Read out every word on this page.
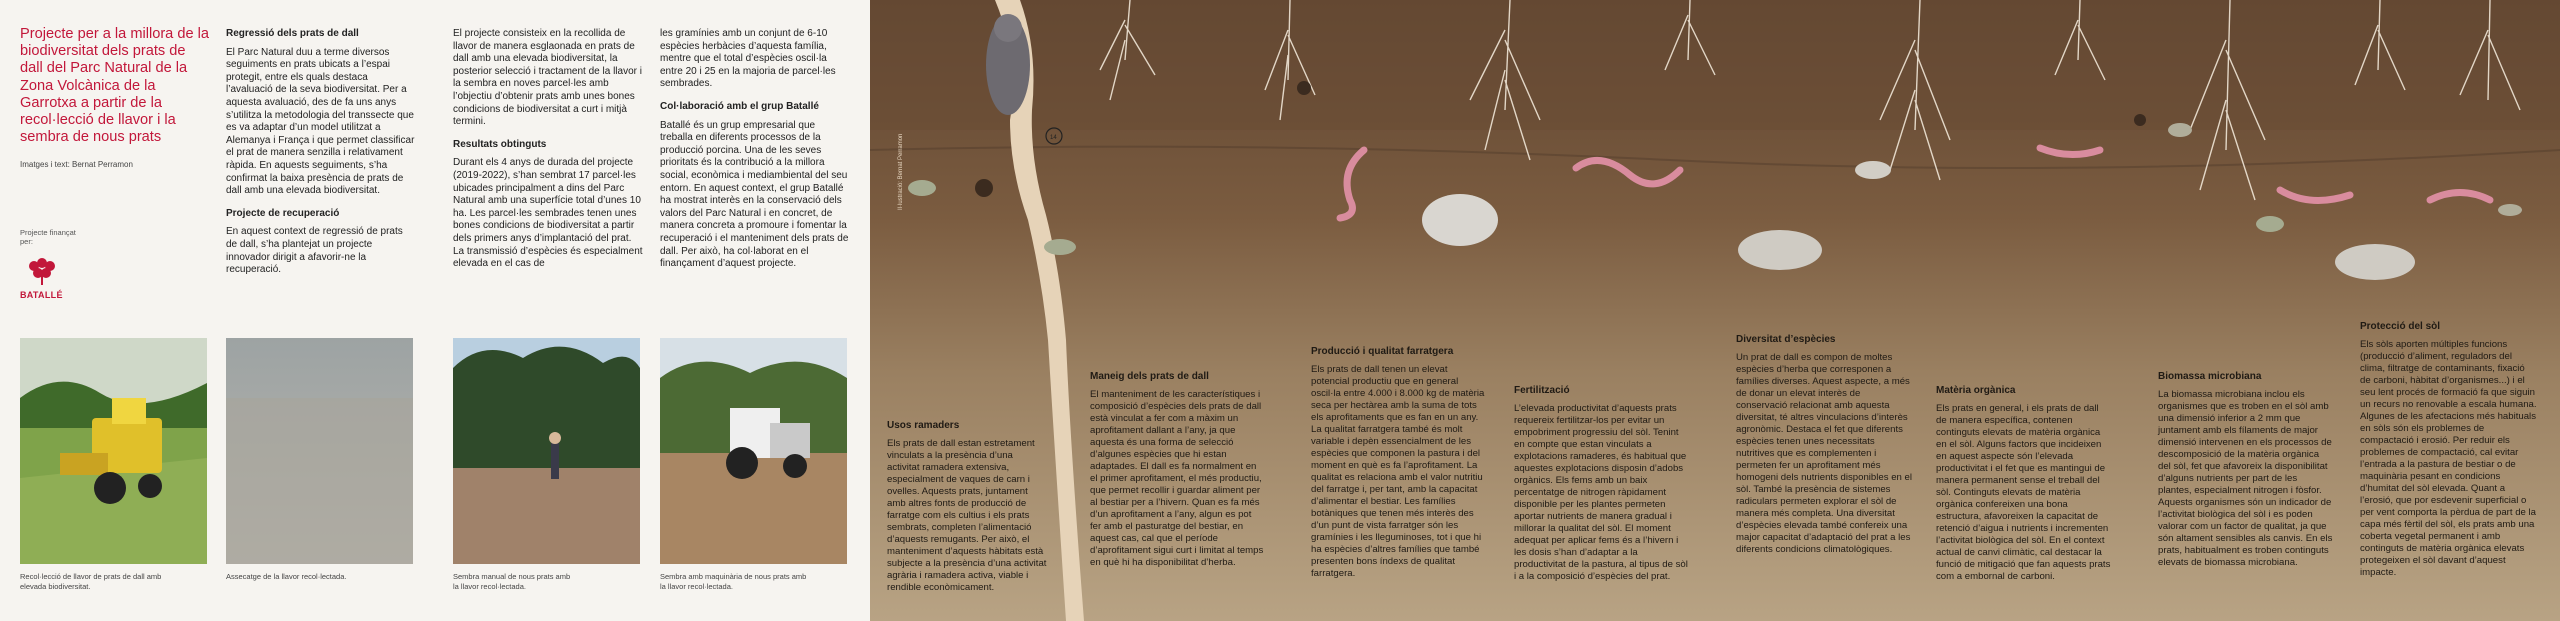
Projecte per a la millora de la biodiversitat dels prats de dall del Parc Natural de la Zona Volcànica de la Garrotxa a partir de la recol·lecció de llavor i la sembra de nous prats
Imatges i text: Bernat Perramon
Projecte finançat per:
BATALLÉ
Regressió dels prats de dall

El Parc Natural duu a terme diversos seguiments en prats ubicats a l’espai protegit, entre els quals destaca l’avaluació de la seva biodiversitat. Per a aquesta avaluació, des de fa uns anys s’utilitza la metodologia del transsecte que es va adaptar d’un model utilitzat a Alemanya i França i que permet classificar el prat de manera senzilla i relativament ràpida. En aquests seguiments, s’ha confirmat la baixa presència de prats de dall amb una elevada biodiversitat.

Projecte de recuperació

En aquest context de regressió de prats de dall, s’ha plantejat un projecte innovador dirigit a afavorir-ne la recuperació.

El projecte consisteix en la recollida de llavor de manera esglaonada en prats de dall amb una elevada biodiversitat, la posterior selecció i tractament de la llavor i la sembra en noves parcel·les amb l’objectiu d’obtenir prats amb unes bones condicions de biodiversitat a curt i mitjà termini.

Resultats obtinguts

Durant els 4 anys de durada del projecte (2019-2022), s’han sembrat 17 parcel·les ubicades principalment a dins del Parc Natural amb una superfície total d’unes 10 ha. Les parcel·les sembrades tenen unes bones condicions de biodiversitat a partir dels primers anys d’implantació del prat. La transmissió d’espècies és especialment elevada en el cas de

les gramínies amb un conjunt de 6-10 espècies herbàcies d’aquesta família, mentre que el total d’espècies oscil·la entre 20 i 25 en la majoria de parcel·les sembrades.

Col·laboració amb el grup Batallé

Batallé és un grup empresarial que treballa en diferents processos de la producció porcina. Una de les seves prioritats és la contribució a la millora social, econòmica i mediambiental del seu entorn. En aquest context, el grup Batallé ha mostrat interès en la conservació dels valors del Parc Natural i en concret, de manera concreta a promoure i fomentar la recuperació i el manteniment dels prats de dall. Per això, ha col·laborat en el finançament d’aquest projecte.

Recol·lecció de llavor de prats de dall amb elevada biodiversitat.
Assecatge de la llavor recol·lectada.	Sembra manual de nous prats amb la llavor recol·lectada.
Sembra amb maquinària de nous prats amb la llavor recol·lectada.
Il·lustració: Bernat Perramon	14
Usos ramaders

Els prats de dall estan estretament vinculats a la presència d’una activitat ramadera extensiva, especialment de vaques de carn i ovelles. Aquests prats, juntament amb altres fonts de producció de farratge com els cultius i els prats sembrats, completen l’alimentació d’aquests remugants. Per això, el manteniment d’aquests hàbitats està subjecte a la presència d’una activitat agrària i ramadera activa, viable i rendible econòmicament.

Maneig dels prats de dall

El manteniment de les característiques i composició d’espècies dels prats de dall està vinculat a fer com a màxim un aprofitament dallant a l’any, ja que aquesta és una forma de selecció d’algunes espècies que hi estan adaptades. El dall es fa normalment en el primer aprofitament, el més productiu, que permet recollir i guardar aliment per al bestiar per a l’hivern. Quan es fa més d’un aprofitament a l’any, algun es pot fer amb el pasturatge del bestiar, en aquest cas, cal que el període d’aprofitament sigui curt i limitat al temps en què hi ha disponibilitat d’herba.

Producció i qualitat farratgera

Els prats de dall tenen un elevat potencial productiu que en general oscil·la entre 4.000 i 8.000 kg de matèria seca per hectàrea amb la suma de tots els aprofitaments que es fan en un any. La qualitat farratgera també és molt variable i depèn essencialment de les espècies que componen la pastura i del moment en què es fa l’aprofitament. La qualitat es relaciona amb el valor nutritiu del farratge i, per tant, amb la capacitat d’alimentar el bestiar. Les famílies botàniques que tenen més interès des d’un punt de vista farratger són les gramínies i les lleguminoses, tot i que hi ha espècies d’altres famílies que també presenten bons índexs de qualitat farratgera.

Fertilització

L’elevada productivitat d’aquests prats requereix fertilitzar-los per evitar un empobriment progressiu del sòl. Tenint en compte que estan vinculats a explotacions ramaderes, és habitual que aquestes explotacions disposin d’adobs orgànics. Els fems amb un baix percentatge de nitrogen ràpidament disponible per les plantes permeten aportar nutrients de manera gradual i millorar la qualitat del sòl. El moment adequat per aplicar fems és a l’hivern i les dosis s’han d’adaptar a la productivitat de la pastura, al tipus de sòl i a la composició d’espècies del prat.

Diversitat d’espècies

Un prat de dall es compon de moltes espècies d’herba que corresponen a famílies diverses. Aquest aspecte, a més de donar un elevat interès de conservació relacionat amb aquesta diversitat, té altres vinculacions d’interès agronòmic. Destaca el fet que diferents espècies tenen unes necessitats nutritives que es complementen i permeten fer un aprofitament més homogeni dels nutrients disponibles en el sòl. També la presència de sistemes radiculars permeten explorar el sòl de manera més completa. Una diversitat d’espècies elevada també confereix una major capacitat d’adaptació del prat a les diferents condicions climatològiques.

Matèria orgànica

Els prats en general, i els prats de dall de manera específica, contenen continguts elevats de matèria orgànica en el sòl. Alguns factors que incideixen en aquest aspecte són l’elevada productivitat i el fet que es mantingui de manera permanent sense el treball del sòl. Continguts elevats de matèria orgànica confereixen una bona estructura, afavoreixen la capacitat de retenció d’aigua i nutrients i incrementen l’activitat biològica del sòl. En el context actual de canvi climàtic, cal destacar la funció de mitigació que fan aquests prats com a embornal de carboni.

Biomassa microbiana

La biomassa microbiana inclou els organismes que es troben en el sòl amb una dimensió inferior a 2 mm que juntament amb els fílaments de major dimensió intervenen en els processos de descomposició de la matèria orgànica del sòl, fet que afavoreix la disponibilitat d’alguns nutrients per part de les plantes, especialment nitrogen i fòsfor. Aquests organismes són un indicador de l’activitat biològica del sòl i es poden valorar com un factor de qualitat, ja que són altament sensibles als canvis. En els prats, habitualment es troben continguts elevats de biomassa microbiana.

Protecció del sòl

Els sòls aporten múltiples funcions (producció d’aliment, reguladors del clima, filtratge de contaminants, fixació de carboni, hàbitat d’organismes...) i el seu lent procés de formació fa que siguin un recurs no renovable a escala humana. Algunes de les afectacions més habituals en sòls són els problemes de compactació i erosió. Per reduir els problemes de compactació, cal evitar l’entrada a la pastura de bestiar o de maquinària pesant en condicions d’humitat del sòl elevada. Quant a l’erosió, que por esdevenir superficial o per vent comporta la pèrdua de part de la capa més fèrtil del sòl, els prats amb una coberta vegetal permanent i amb continguts de matèria orgànica elevats protegeixen el sòl davant d’aquest impacte.
